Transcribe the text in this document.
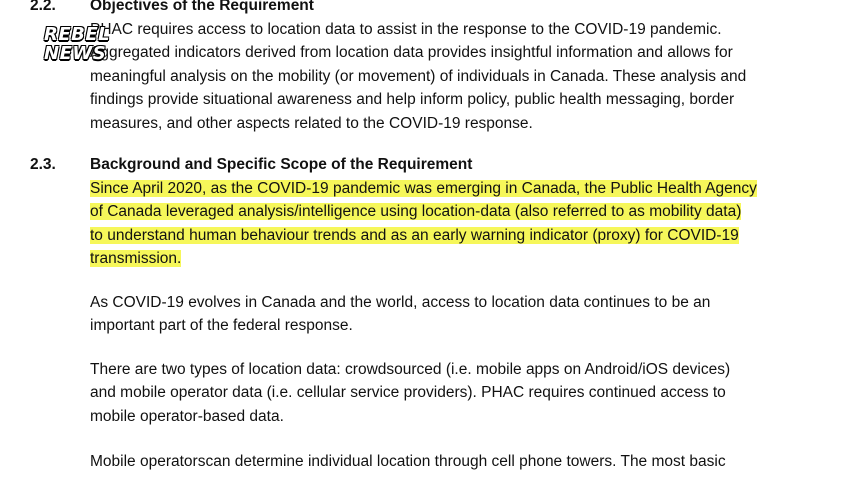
2.2. Objectives of the Requirement
PHAC requires access to location data to assist in the response to the COVID-19 pandemic.
Aggregated indicators derived from location data provides insightful information and allows for
meaningful analysis on the mobility (or movement) of individuals in Canada. These analysis and
findings provide situational awareness and help inform policy, public health messaging, border
measures, and other aspects related to the COVID-19 response.
2.3. Background and Specific Scope of the Requirement
Since April 2020, as the COVID-19 pandemic was emerging in Canada, the Public Health Agency
of Canada leveraged analysis/intelligence using location-data (also referred to as mobility data)
to understand human behaviour trends and as an early warning indicator (proxy) for COVID-19
transmission.
As COVID-19 evolves in Canada and the world, access to location data continues to be an
important part of the federal response.
There are two types of location data: crowdsourced (i.e. mobile apps on Android/iOS devices)
and mobile operator data (i.e. cellular service providers). PHAC requires continued access to
mobile operator-based data.
Mobile operatorscan determine individual location through cell phone towers. The most basic
REBEL
NEWS
